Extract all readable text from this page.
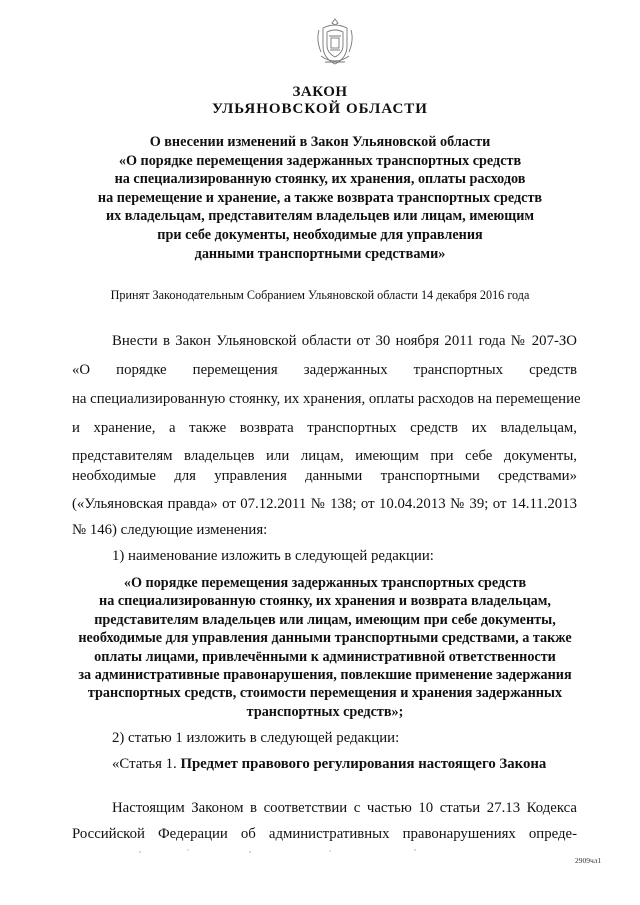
ЗАКОН
УЛЬЯНОВСКОЙ ОБЛАСТИ
О внесении изменений в Закон Ульяновской области
«О порядке перемещения задержанных транспортных средств
на специализированную стоянку, их хранения, оплаты расходов
на перемещение и хранение, а также возврата транспортных средств
их владельцам, представителям владельцев или лицам, имеющим
при себе документы, необходимые для управления
данными транспортными средствами»
Принят Законодательным Собранием Ульяновской области 14 декабря 2016 года
Внести в Закон Ульяновской области от 30 ноября 2011 года № 207-ЗО
«О порядке перемещения задержанных транспортных средств
на специализированную стоянку, их хранения, оплаты расходов на перемещение
и хранение, а также возврата транспортных средств их владельцам,
представителям владельцев или лицам, имеющим при себе документы,
необходимые для управления данными транспортными средствами»
(«Ульяновская правда» от 07.12.2011 № 138; от 10.04.2013 № 39; от 14.11.2013
№ 146) следующие изменения:
1) наименование изложить в следующей редакции:
«О порядке перемещения задержанных транспортных средств
на специализированную стоянку, их хранения и возврата владельцам,
представителям владельцев или лицам, имеющим при себе документы,
необходимые для управления данными транспортными средствами, а также
оплаты лицами, привлечёнными к административной ответственности
за административные правонарушения, повлекшие применение задержания
транспортных средств, стоимости перемещения и хранения задержанных
транспортных средств»;
2) статью 1 изложить в следующей редакции:
«Статья 1. Предмет правового регулирования настоящего Закона
Настоящим Законом в соответствии с частью 10 статьи 27.13 Кодекса
Российской Федерации об административных правонарушениях опреде-
2909чл1
